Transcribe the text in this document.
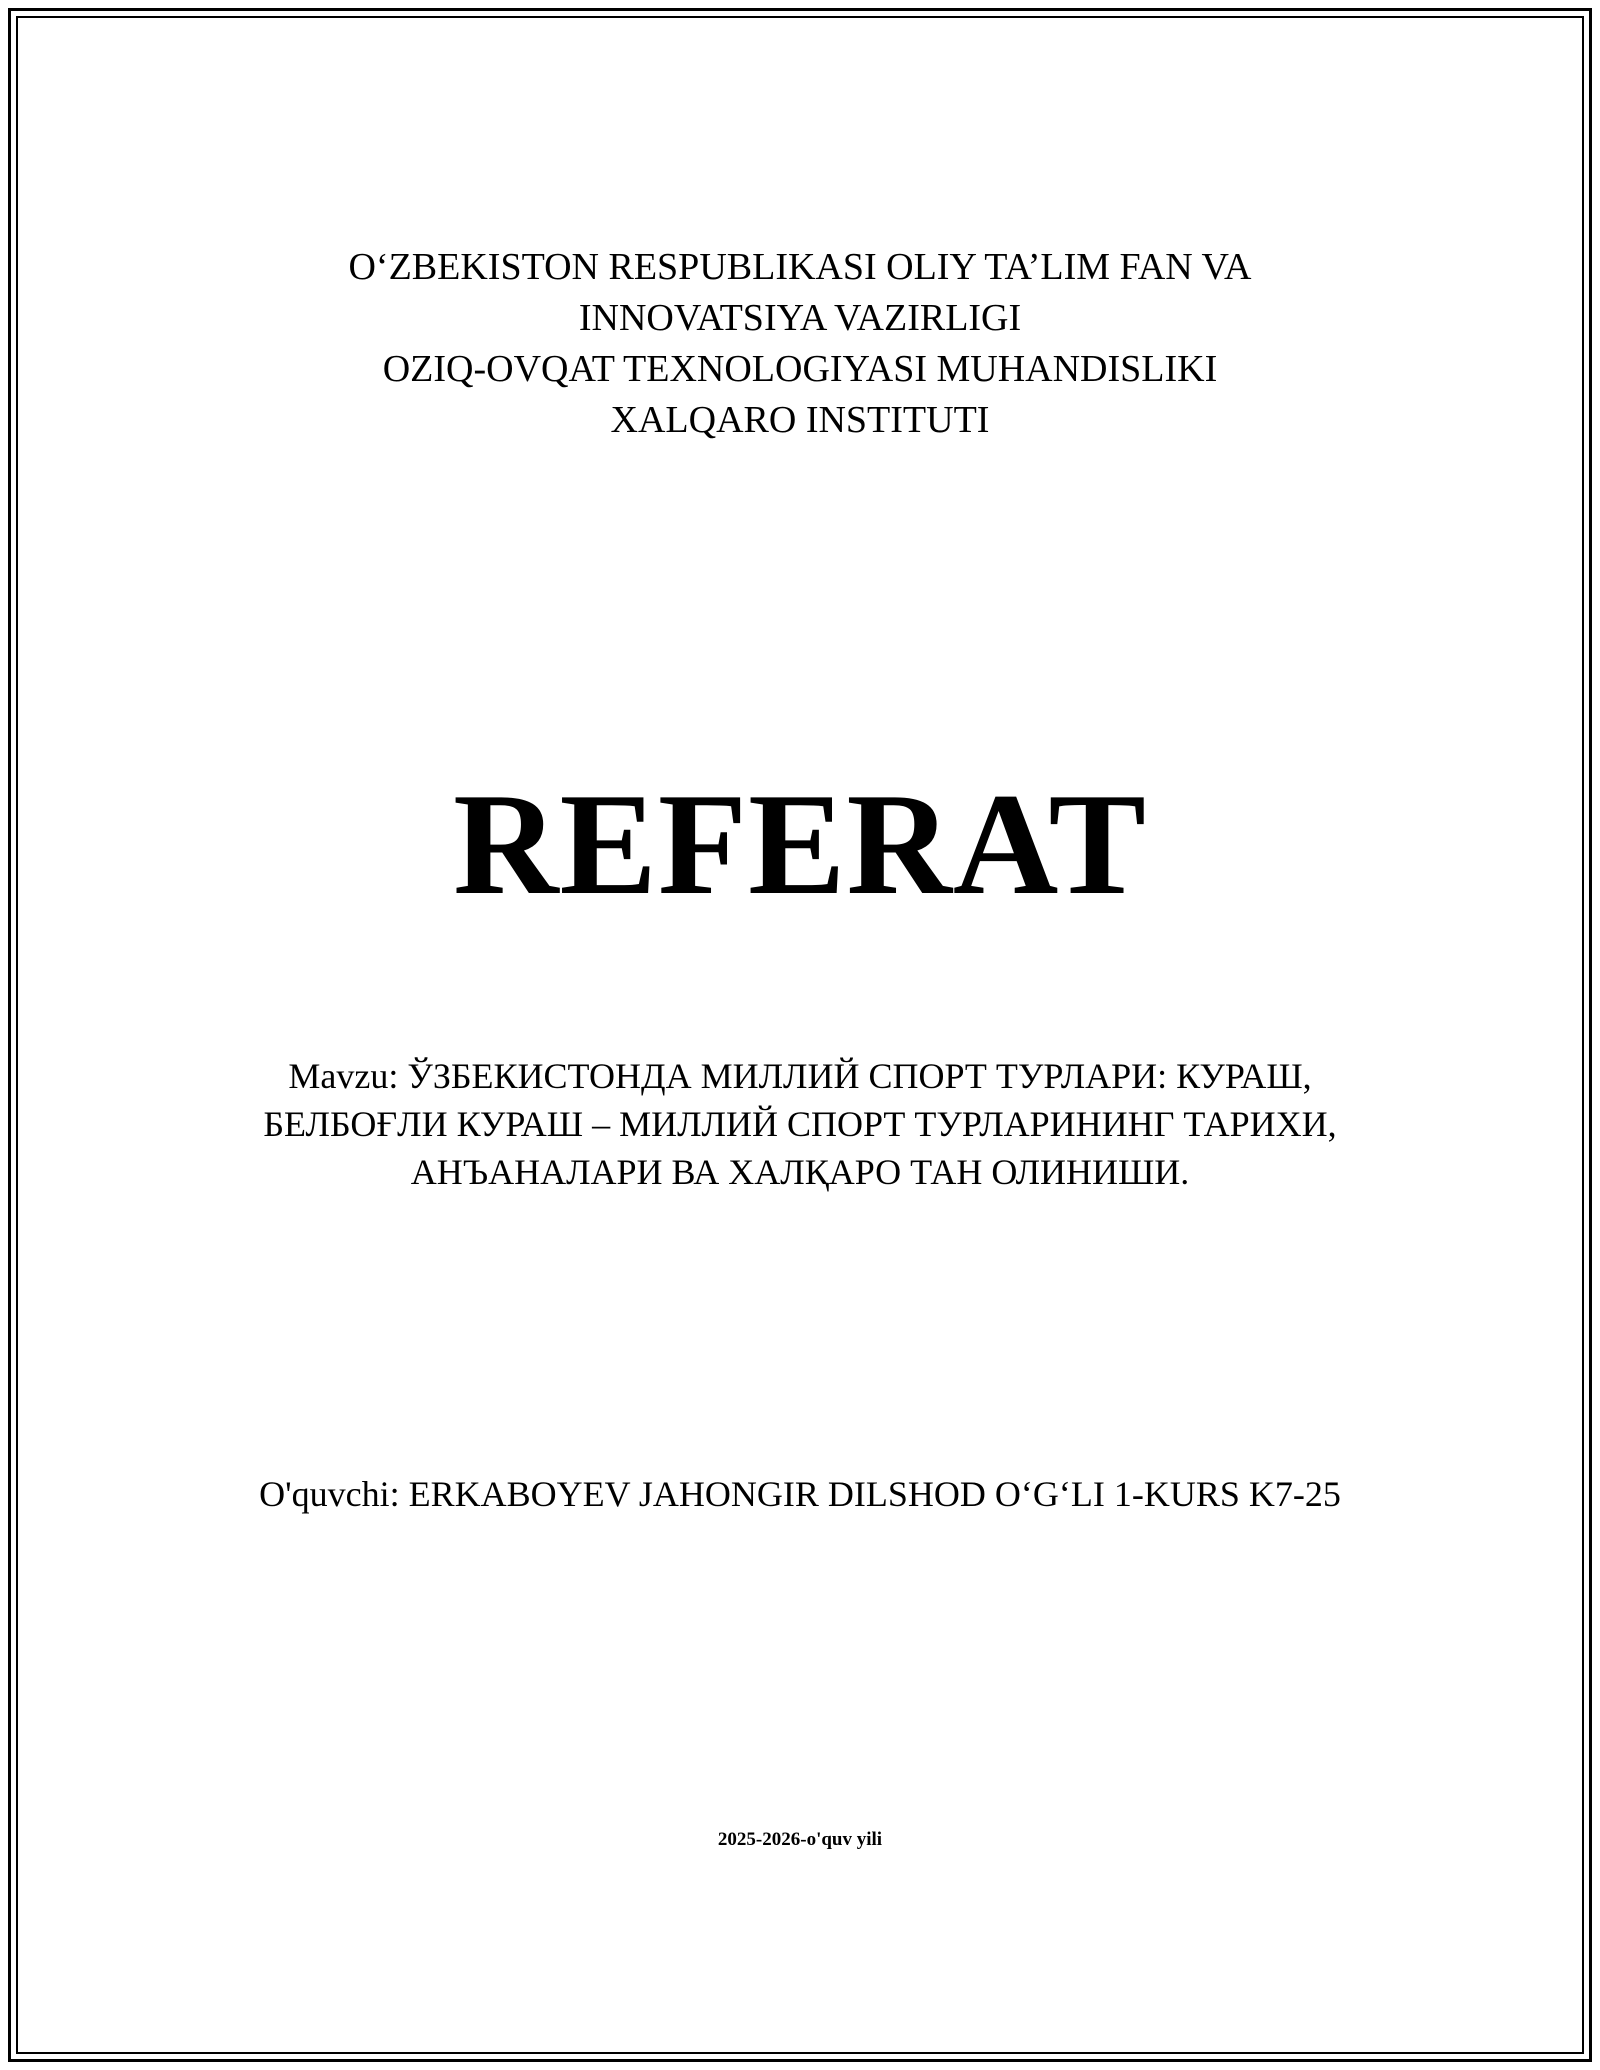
O‘ZBEKISTON RESPUBLIKASI OLIY TA’LIM FAN VA
INNOVATSIYA VAZIRLIGI
OZIQ-OVQAT TEXNOLOGIYASI MUHANDISLIKI
XALQARO INSTITUTI
REFERAT
Mavzu: ЎЗБЕКИСТОНДА МИЛЛИЙ СПОРТ ТУРЛАРИ: КУРАШ,
БЕЛБОҒЛИ КУРАШ – МИЛЛИЙ СПОРТ ТУРЛАРИНИНГ ТАРИХИ,
АНЪАНАЛАРИ ВА ХАЛҚАРО ТАН ОЛИНИШИ.
O'quvchi: ERKABOYEV JAHONGIR DILSHOD O‘G‘LI 1-KURS K7-25
2025-2026-o'quv yili
